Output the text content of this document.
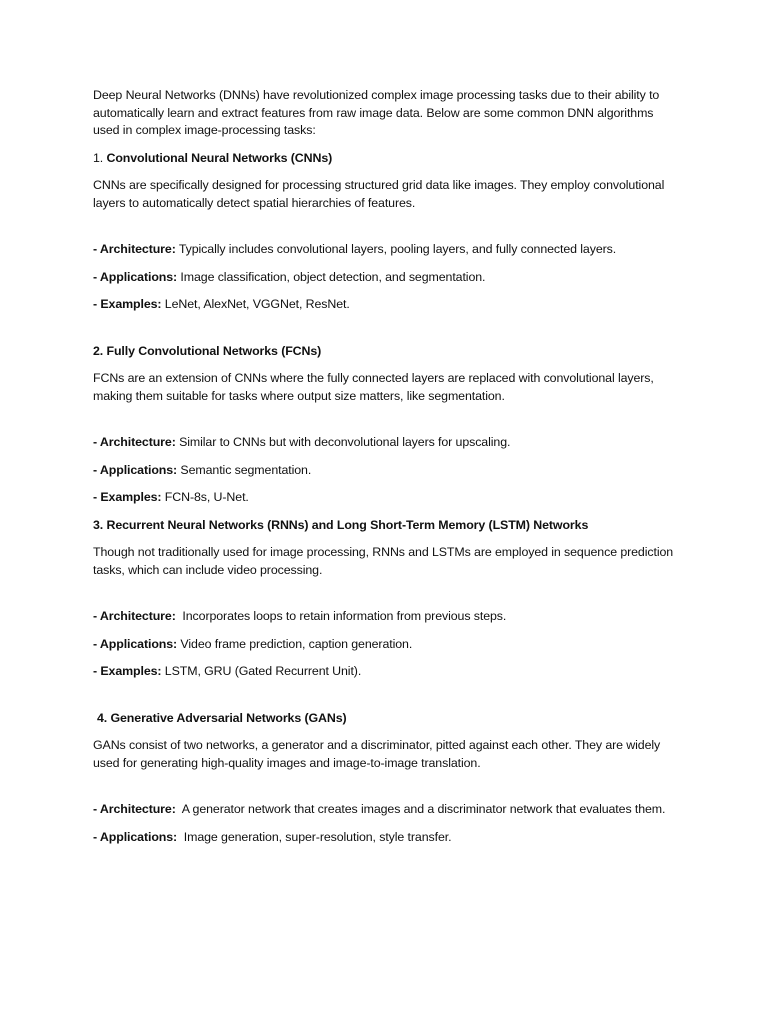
Deep Neural Networks (DNNs) have revolutionized complex image processing tasks due to their ability to automatically learn and extract features from raw image data. Below are some common DNN algorithms used in complex image-processing tasks:

1. Convolutional Neural Networks (CNNs)

CNNs are specifically designed for processing structured grid data like images. They employ convolutional layers to automatically detect spatial hierarchies of features.

- Architecture: Typically includes convolutional layers, pooling layers, and fully connected layers.

- Applications: Image classification, object detection, and segmentation.

- Examples: LeNet, AlexNet, VGGNet, ResNet.

2. Fully Convolutional Networks (FCNs)

FCNs are an extension of CNNs where the fully connected layers are replaced with convolutional layers, making them suitable for tasks where output size matters, like segmentation.

- Architecture: Similar to CNNs but with deconvolutional layers for upscaling.

- Applications: Semantic segmentation.

- Examples: FCN-8s, U-Net.

3. Recurrent Neural Networks (RNNs) and Long Short-Term Memory (LSTM) Networks

Though not traditionally used for image processing, RNNs and LSTMs are employed in sequence prediction tasks, which can include video processing.

- Architecture:  Incorporates loops to retain information from previous steps.

- Applications: Video frame prediction, caption generation.

- Examples: LSTM, GRU (Gated Recurrent Unit).

4. Generative Adversarial Networks (GANs)

GANs consist of two networks, a generator and a discriminator, pitted against each other. They are widely used for generating high-quality images and image-to-image translation.

- Architecture:  A generator network that creates images and a discriminator network that evaluates them.

- Applications:  Image generation, super-resolution, style transfer.
